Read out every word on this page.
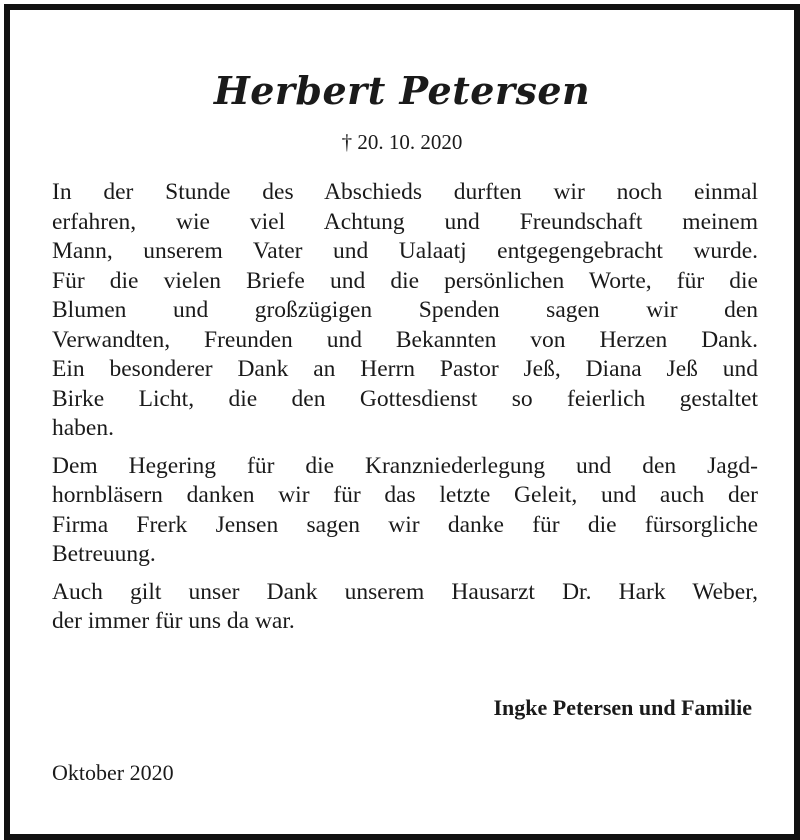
Herbert Petersen
† 20. 10. 2020

In der Stunde des Abschieds durften wir noch einmal
erfahren, wie viel Achtung und Freundschaft meinem
Mann, unserem Vater und Ualaatj entgegengebracht wurde.
Für die vielen Briefe und die persönlichen Worte, für die
Blumen und großzügigen Spenden sagen wir den
Verwandten, Freunden und Bekannten von Herzen Dank.
Ein besonderer Dank an Herrn Pastor Jeß, Diana Jeß und
Birke Licht, die den Gottesdienst so feierlich gestaltet
haben.

Dem Hegering für die Kranzniederlegung und den Jagd-
hornbläsern danken wir für das letzte Geleit, und auch der
Firma Frerk Jensen sagen wir danke für die fürsorgliche
Betreuung.

Auch gilt unser Dank unserem Hausarzt Dr. Hark Weber,
der immer für uns da war.

Ingke Petersen und Familie
Oktober 2020
